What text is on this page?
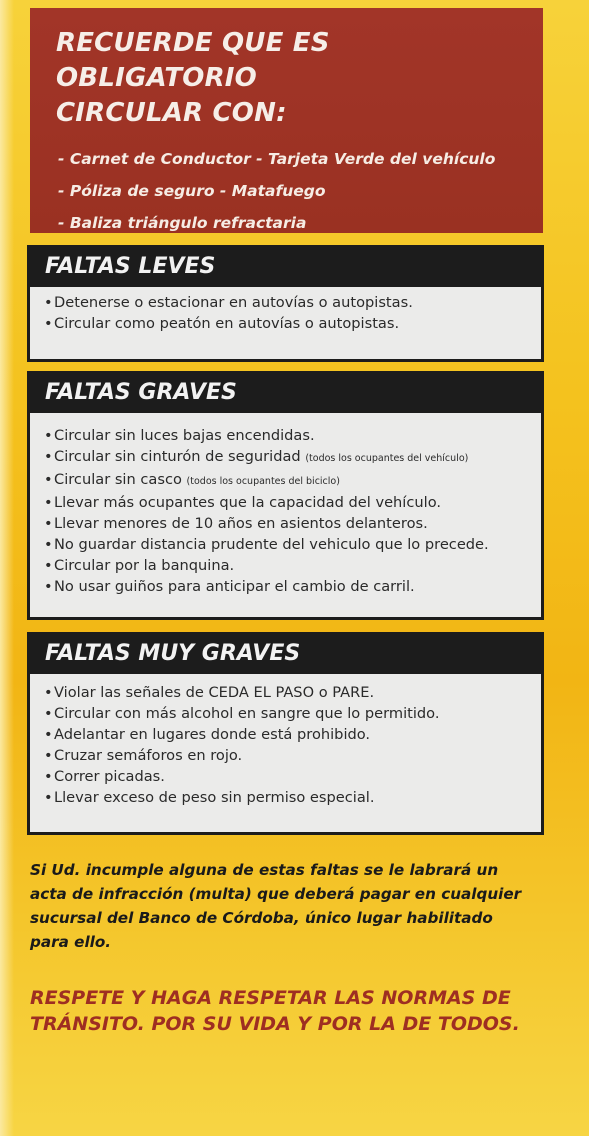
RECUERDE QUE ES OBLIGATORIO
CIRCULAR CON:
- Carnet de Conductor - Tarjeta Verde del vehículo
- Póliza de seguro - Matafuego
- Baliza triángulo refractaria
FALTAS LEVES
•Detenerse o estacionar en autovías o autopistas.
•Circular como peatón en autovías o autopistas.
FALTAS GRAVES
•Circular sin luces bajas encendidas.
•Circular sin cinturón de seguridad (todos los ocupantes del vehículo)
•Circular sin casco (todos los ocupantes del biciclo)
•Llevar más ocupantes que la capacidad del vehículo.
•Llevar menores de 10 años en asientos delanteros.
•No guardar distancia prudente del vehiculo que lo precede.
•Circular por la banquina.
•No usar guiños para anticipar el cambio de carril.
FALTAS MUY GRAVES
•Violar las señales de CEDA EL PASO o PARE.
•Circular con más alcohol en sangre que lo permitido.
•Adelantar en lugares donde está prohibido.
•Cruzar semáforos en rojo.
•Correr picadas.
•Llevar exceso de peso sin permiso especial.
Si Ud. incumple alguna de estas faltas se le labrará un
acta de infracción (multa) que deberá pagar en cualquier
sucursal del Banco de Córdoba, único lugar habilitado
para ello.
RESPETE Y HAGA RESPETAR LAS NORMAS DE
TRÁNSITO. POR SU VIDA Y POR LA DE TODOS.
